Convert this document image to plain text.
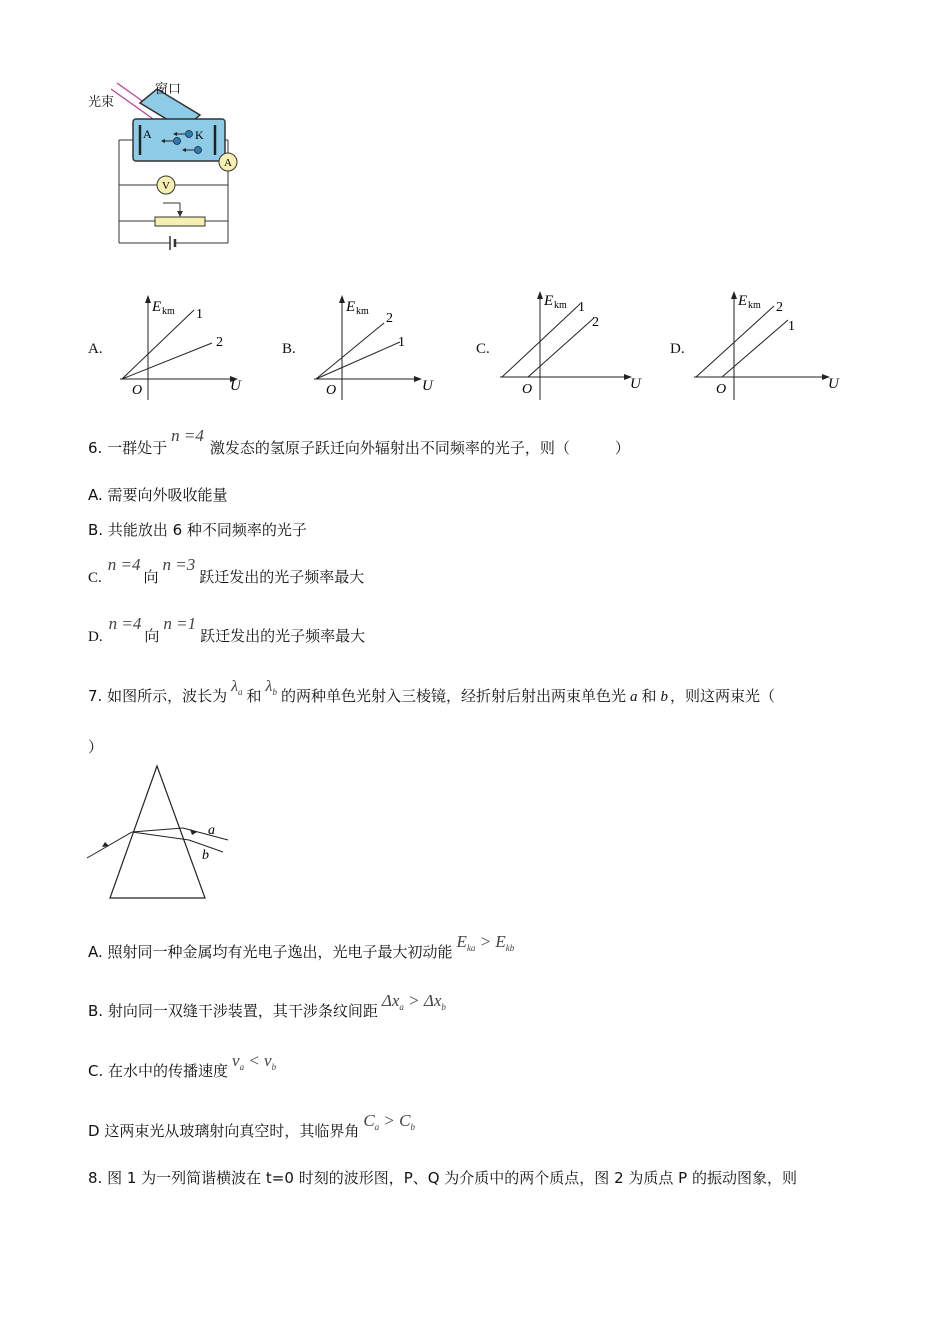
A	K
A
V
光束
窗口
A.	B.	C.	D.
E km 1
2
O	U
E km 2
1
O	U
E km 1
2
O	U
E km 2
1
O	U
6. 一群处于n =4激发态的氢原子跃迁向外辐射出不同频率的光子，则（　　　）
A. 需要向外吸收能量
B. 共能放出 6 种不同频率的光子
C.n =4向n =3跃迁发出的光子频率最大
D.n =4向n =1跃迁发出的光子频率最大
7. 如图所示，波长为$\lambda_a$ 和$\lambda_b$ 的两种单色光射入三棱镜，经折射后射出两束单色光 a 和 b ，则这两束光（
）
a
b
A. 照射同一种金属均有光电子逸出，光电子最大初动能$E_{ka} > E_{kb}$
B. 射向同一双缝干涉装置，其干涉条纹间距$\Delta x_a > \Delta x_b$
C. 在水中的传播速度$v_a < v_b$
D 这两束光从玻璃射向真空时，其临界角$C_a > C_b$
8. 图 1 为一列简谐横波在 t=0 时刻的波形图，P、Q 为介质中的两个质点，图 2 为质点 P 的振动图象，则
